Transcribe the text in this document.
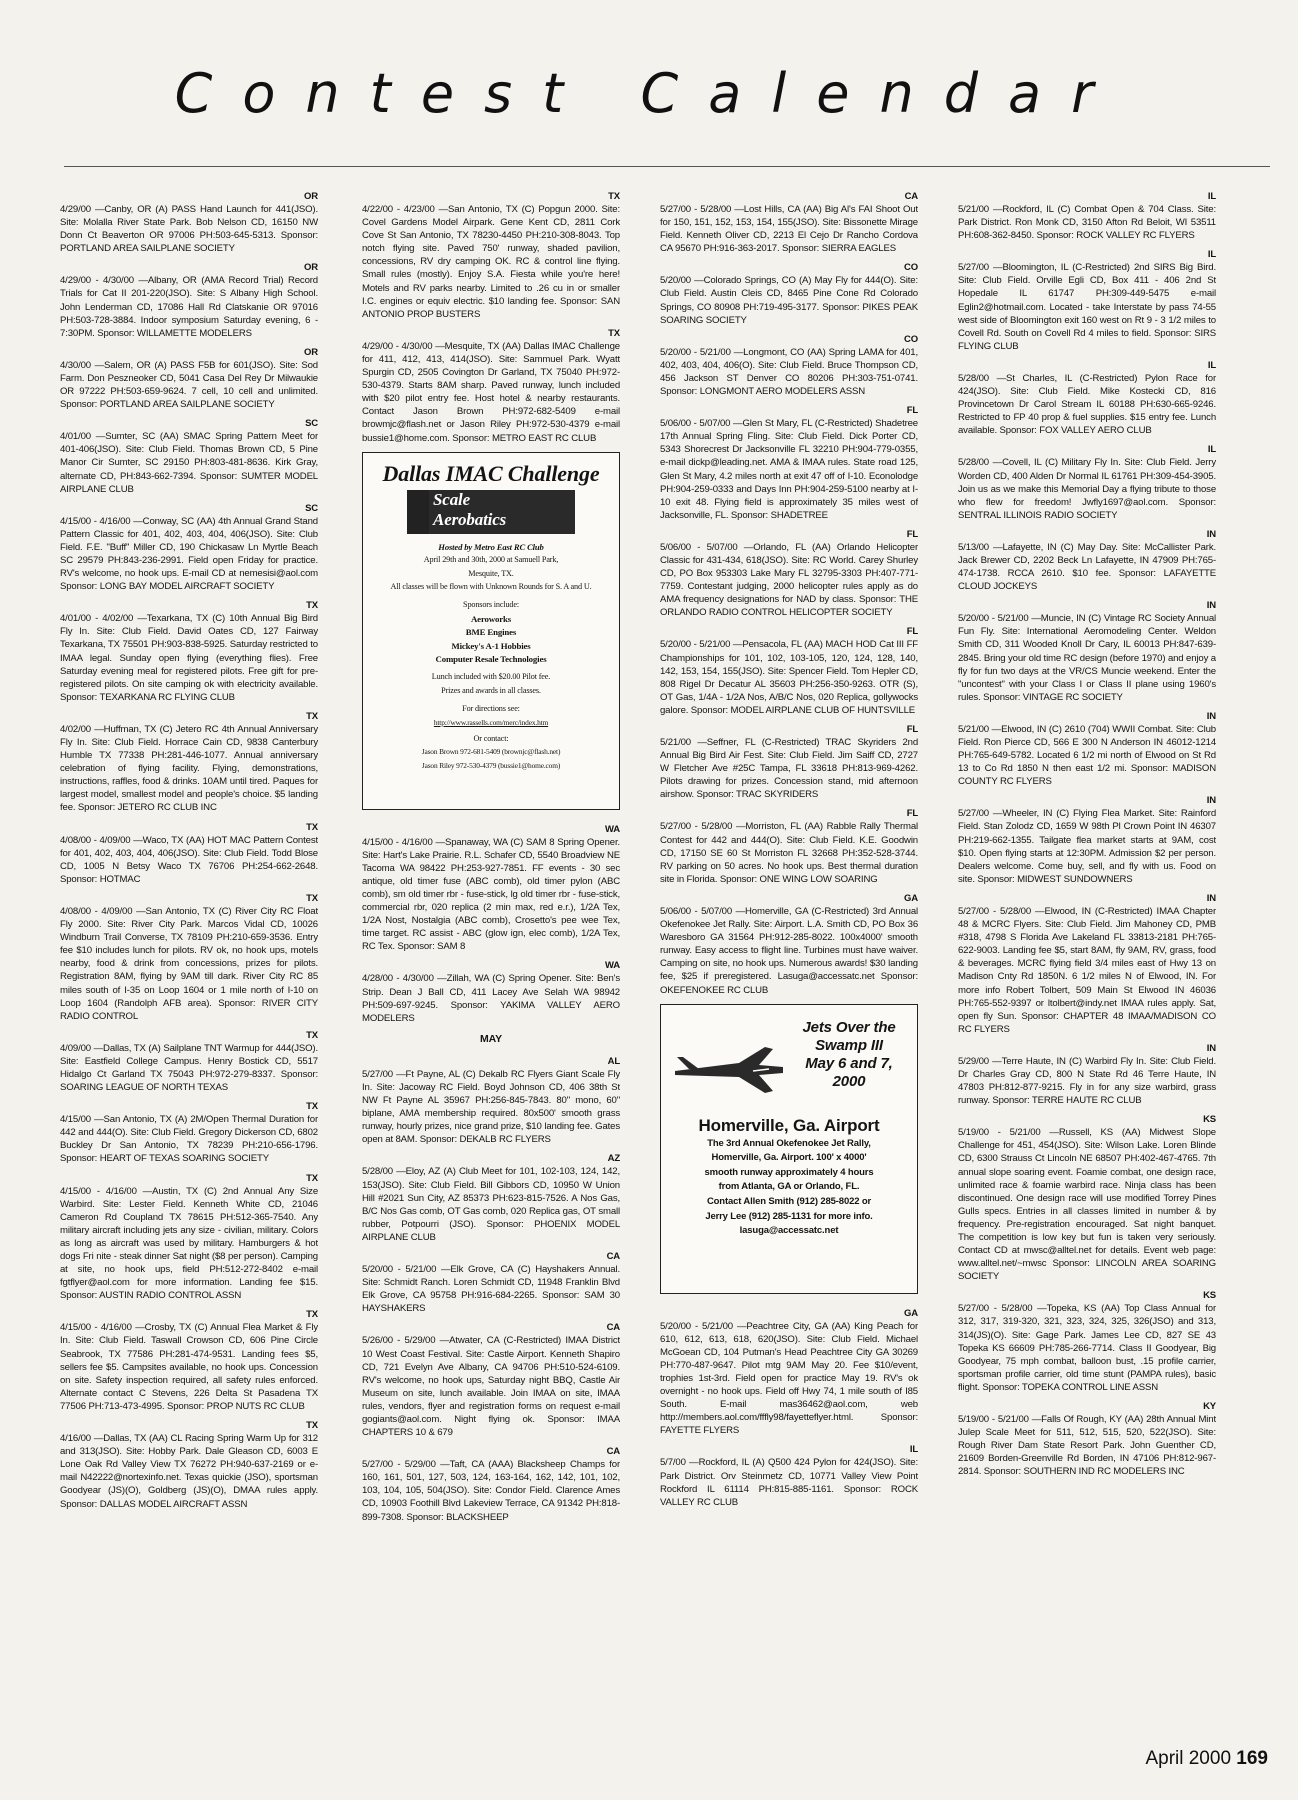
Contest Calendar
OR
4/29/00 —Canby, OR (A) PASS Hand Launch for 441(JSO). Site: Molalla River State Park. Bob Nelson CD, 16150 NW Donn Ct Beaverton OR 97006 PH:503-645-5313. Sponsor: PORTLAND AREA SAILPLANE SOCIETY
OR
4/29/00 - 4/30/00 —Albany, OR (AMA Record Trial) Record Trials for Cat II 201-220(JSO). Site: S Albany High School. John Lenderman CD, 17086 Hall Rd Clatskanie OR 97016 PH:503-728-3884. Indoor symposium Saturday evening, 6 - 7:30PM. Sponsor: WILLAMETTE MODELERS
OR
4/30/00 —Salem, OR (A) PASS F5B for 601(JSO). Site: Sod Farm. Don Peszneoker CD, 5041 Casa Del Rey Dr Milwaukie OR 97222 PH:503-659-9624. 7 cell, 10 cell and unlimited. Sponsor: PORTLAND AREA SAILPLANE SOCIETY
SC
4/01/00 —Sumter, SC (AA) SMAC Spring Pattern Meet for 401-406(JSO). Site: Club Field. Thomas Brown CD, 5 Pine Manor Cir Sumter, SC 29150 PH:803-481-8636. Kirk Gray, alternate CD, PH:843-662-7394. Sponsor: SUMTER MODEL AIRPLANE CLUB
SC
4/15/00 - 4/16/00 —Conway, SC (AA) 4th Annual Grand Stand Pattern Classic for 401, 402, 403, 404, 406(JSO). Site: Club Field. F.E. "Buff" Miller CD, 190 Chickasaw Ln Myrtle Beach SC 29579 PH:843-236-2991. Field open Friday for practice. RV's welcome, no hook ups. E-mail CD at nemesisi@aol.com Sponsor: LONG BAY MODEL AIRCRAFT SOCIETY
TX
4/01/00 - 4/02/00 —Texarkana, TX (C) 10th Annual Big Bird Fly In. Site: Club Field. David Oates CD, 127 Fairway Texarkana, TX 75501 PH:903-838-5925. Saturday restricted to IMAA legal. Sunday open flying (everything flies). Free Saturday evening meal for registered pilots. Free gift for pre-registered pilots. On site camping ok with electricity available. Sponsor: TEXARKANA RC FLYING CLUB
TX
4/02/00 —Huffman, TX (C) Jetero RC 4th Annual Anniversary Fly In. Site: Club Field. Horrace Cain CD, 9838 Canterbury Humble TX 77338 PH:281-446-1077. Annual anniversary celebration of flying facility. Flying, demonstrations, instructions, raffles, food & drinks. 10AM until tired. Paques for largest model, smallest model and people's choice. $5 landing fee. Sponsor: JETERO RC CLUB INC
TX
4/08/00 - 4/09/00 —Waco, TX (AA) HOT MAC Pattern Contest for 401, 402, 403, 404, 406(JSO). Site: Club Field. Todd Blose CD, 1005 N Betsy Waco TX 76706 PH:254-662-2648. Sponsor: HOTMAC
TX
4/08/00 - 4/09/00 —San Antonio, TX (C) River City RC Float Fly 2000. Site: River City Park. Marcos Vidal CD, 10026 Windburn Trail Converse, TX 78109 PH:210-659-3536. Entry fee $10 includes lunch for pilots. RV ok, no hook ups, motels nearby, food & drink from concessions, prizes for pilots. Registration 8AM, flying by 9AM till dark. River City RC 85 miles south of I-35 on Loop 1604 or 1 mile north of I-10 on Loop 1604 (Randolph AFB area). Sponsor: RIVER CITY RADIO CONTROL
TX
4/09/00 —Dallas, TX (A) Sailplane TNT Warmup for 444(JSO). Site: Eastfield College Campus. Henry Bostick CD, 5517 Hidalgo Ct Garland TX 75043 PH:972-279-8337. Sponsor: SOARING LEAGUE OF NORTH TEXAS
TX
4/15/00 —San Antonio, TX (A) 2M/Open Thermal Duration for 442 and 444(O). Site: Club Field. Gregory Dickerson CD, 6802 Buckley Dr San Antonio, TX 78239 PH:210-656-1796. Sponsor: HEART OF TEXAS SOARING SOCIETY
TX
4/15/00 - 4/16/00 —Austin, TX (C) 2nd Annual Any Size Warbird. Site: Lester Field. Kenneth White CD, 21046 Cameron Rd Coupland TX 78615 PH:512-365-7540. Any military aircraft including jets any size - civilian, military. Colors as long as aircraft was used by military. Hamburgers & hot dogs Fri nite - steak dinner Sat night ($8 per person). Camping at site, no hook ups, field PH:512-272-8402 e-mail fgtflyer@aol.com for more information. Landing fee $15. Sponsor: AUSTIN RADIO CONTROL ASSN
TX
4/15/00 - 4/16/00 —Crosby, TX (C) Annual Flea Market & Fly In. Site: Club Field. Taswall Crowson CD, 606 Pine Circle Seabrook, TX 77586 PH:281-474-9531. Landing fees $5, sellers fee $5. Campsites available, no hook ups. Concession on site. Safety inspection required, all safety rules enforced. Alternate contact C Stevens, 226 Delta St Pasadena TX 77506 PH:713-473-4995. Sponsor: PROP NUTS RC CLUB
TX
4/16/00 —Dallas, TX (AA) CL Racing Spring Warm Up for 312 and 313(JSO). Site: Hobby Park. Dale Gleason CD, 6003 E Lone Oak Rd Valley View TX 76272 PH:940-637-2169 or e-mail N42222@nortexinfo.net. Texas quickie (JSO), sportsman Goodyear (JS)(O), Goldberg (JS)(O), DMAA rules apply. Sponsor: DALLAS MODEL AIRCRAFT ASSN
TX
4/22/00 - 4/23/00 —San Antonio, TX (C) Popgun 2000. Site: Covel Gardens Model Airpark. Gene Kent CD, 2811 Cork Cove St San Antonio, TX 78230-4450 PH:210-308-8043. Top notch flying site. Paved 750' runway, shaded pavilion, concessions, RV dry camping OK. RC & control line flying. Small rules (mostly). Enjoy S.A. Fiesta while you're here! Motels and RV parks nearby. Limited to .26 cu in or smaller I.C. engines or equiv electric. $10 landing fee. Sponsor: SAN ANTONIO PROP BUSTERS
TX
4/29/00 - 4/30/00 —Mesquite, TX (AA) Dallas IMAC Challenge for 411, 412, 413, 414(JSO). Site: Sammuel Park. Wyatt Spurgin CD, 2505 Covington Dr Garland, TX 75040 PH:972-530-4379. Starts 8AM sharp. Paved runway, lunch included with $20 pilot entry fee. Host hotel & nearby restaurants. Contact Jason Brown PH:972-682-5409 e-mail browmjc@flash.net or Jason Riley PH:972-530-4379 e-mail bussie1@home.com. Sponsor: METRO EAST RC CLUB
Dallas IMAC Challenge
Scale
Aerobatics

Hosted by Metro East RC Club

April 29th and 30th, 2000 at Samuell Park,

Mesquite, TX.

All classes will be flown with Unknown Rounds for S. A and U.

Sponsors include:

Aeroworks

BME Engines

Mickey's A-1 Hobbies

Computer Resale Technologies

Lunch included with $20.00 Pilot fee.

Prizes and awards in all classes.

For directions see:

http://www.rassells.com/merc/index.htm

Or contact:

Jason Brown 972-681-5409 (brownjc@flash.net)

Jason Riley 972-530-4379 (bussie1@home.com)

WA
4/15/00 - 4/16/00 —Spanaway, WA (C) SAM 8 Spring Opener. Site: Hart's Lake Prairie. R.L. Schafer CD, 5540 Broadview NE Tacoma WA 98422 PH:253-927-7851. FF events - 30 sec antique, old timer fuse (ABC comb), old timer pylon (ABC comb), sm old timer rbr - fuse-stick, lg old timer rbr - fuse-stick, commercial rbr, 020 replica (2 min max, red e.r.), 1/2A Tex, 1/2A Nost, Nostalgia (ABC comb), Crosetto's pee wee Tex, time target. RC assist - ABC (glow ign, elec comb), 1/2A Tex, RC Tex. Sponsor: SAM 8
WA
4/28/00 - 4/30/00 —Zillah, WA (C) Spring Opener. Site: Ben's Strip. Dean J Ball CD, 411 Lacey Ave Selah WA 98942 PH:509-697-9245. Sponsor: YAKIMA VALLEY AERO MODELERS
MAY
AL
5/27/00 —Ft Payne, AL (C) Dekalb RC Flyers Giant Scale Fly In. Site: Jacoway RC Field. Boyd Johnson CD, 406 38th St NW Ft Payne AL 35967 PH:256-845-7843. 80" mono, 60" biplane, AMA membership required. 80x500' smooth grass runway, hourly prizes, nice grand prize, $10 landing fee. Gates open at 8AM. Sponsor: DEKALB RC FLYERS
AZ
5/28/00 —Eloy, AZ (A) Club Meet for 101, 102-103, 124, 142, 153(JSO). Site: Club Field. Bill Gibbors CD, 10950 W Union Hill #2021 Sun City, AZ 85373 PH:623-815-7526. A Nos Gas, B/C Nos Gas comb, OT Gas comb, 020 Replica gas, OT small rubber, Potpourri (JSO). Sponsor: PHOENIX MODEL AIRPLANE CLUB
CA
5/20/00 - 5/21/00 —Elk Grove, CA (C) Hayshakers Annual. Site: Schmidt Ranch. Loren Schmidt CD, 11948 Franklin Blvd Elk Grove, CA 95758 PH:916-684-2265. Sponsor: SAM 30 HAYSHAKERS
CA
5/26/00 - 5/29/00 —Atwater, CA (C-Restricted) IMAA District 10 West Coast Festival. Site: Castle Airport. Kenneth Shapiro CD, 721 Evelyn Ave Albany, CA 94706 PH:510-524-6109. RV's welcome, no hook ups, Saturday night BBQ, Castle Air Museum on site, lunch available. Join IMAA on site, IMAA rules, vendors, flyer and registration forms on request e-mail gogiants@aol.com. Night flying ok. Sponsor: IMAA CHAPTERS 10 & 679
CA
5/27/00 - 5/29/00 —Taft, CA (AAA) Blacksheep Champs for 160, 161, 501, 127, 503, 124, 163-164, 162, 142, 101, 102, 103, 104, 105, 504(JSO). Site: Condor Field. Clarence Ames CD, 10903 Foothill Blvd Lakeview Terrace, CA 91342 PH:818-899-7308. Sponsor: BLACKSHEEP
CA
5/27/00 - 5/28/00 —Lost Hills, CA (AA) Big Al's FAI Shoot Out for 150, 151, 152, 153, 154, 155(JSO). Site: Bissonette Mirage Field. Kenneth Oliver CD, 2213 El Cejo Dr Rancho Cordova CA 95670 PH:916-363-2017. Sponsor: SIERRA EAGLES
CO
5/20/00 —Colorado Springs, CO (A) May Fly for 444(O). Site: Club Field. Austin Cleis CD, 8465 Pine Cone Rd Colorado Springs, CO 80908 PH:719-495-3177. Sponsor: PIKES PEAK SOARING SOCIETY
CO
5/20/00 - 5/21/00 —Longmont, CO (AA) Spring LAMA for 401, 402, 403, 404, 406(O). Site: Club Field. Bruce Thompson CD, 456 Jackson ST Denver CO 80206 PH:303-751-0741. Sponsor: LONGMONT AERO MODELERS ASSN
FL
5/06/00 - 5/07/00 —Glen St Mary, FL (C-Restricted) Shadetree 17th Annual Spring Fling. Site: Club Field. Dick Porter CD, 5343 Shorecrest Dr Jacksonville FL 32210 PH:904-779-0355, e-mail dickp@leading.net. AMA & IMAA rules. State road 125, Glen St Mary, 4.2 miles north at exit 47 off of I-10. Econolodge PH:904-259-0333 and Days Inn PH:904-259-5100 nearby at I-10 exit 48. Flying field is approximately 35 miles west of Jacksonville, FL. Sponsor: SHADETREE
FL
5/06/00 - 5/07/00 —Orlando, FL (AA) Orlando Helicopter Classic for 431-434, 618(JSO). Site: RC World. Carey Shurley CD, PO Box 953303 Lake Mary FL 32795-3303 PH:407-771-7759. Contestant judging, 2000 helicopter rules apply as do AMA frequency designations for NAD by class. Sponsor: THE ORLANDO RADIO CONTROL HELICOPTER SOCIETY
FL
5/20/00 - 5/21/00 —Pensacola, FL (AA) MACH HOD Cat III FF Championships for 101, 102, 103-105, 120, 124, 128, 140, 142, 153, 154, 155(JSO). Site: Spencer Field. Tom Hepler CD, 808 Rigel Dr Decatur AL 35603 PH:256-350-9263. OTR (S), OT Gas, 1/4A - 1/2A Nos, A/B/C Nos, 020 Replica, gollywocks galore. Sponsor: MODEL AIRPLANE CLUB OF HUNTSVILLE
FL
5/21/00 —Seffner, FL (C-Restricted) TRAC Skyriders 2nd Annual Big Bird Air Fest. Site: Club Field. Jim Saiff CD, 2727 W Fletcher Ave #25C Tampa, FL 33618 PH:813-969-4262. Pilots drawing for prizes. Concession stand, mid afternoon airshow. Sponsor: TRAC SKYRIDERS
FL
5/27/00 - 5/28/00 —Morriston, FL (AA) Rabble Rally Thermal Contest for 442 and 444(O). Site: Club Field. K.E. Goodwin CD, 17150 SE 60 St Morriston FL 32668 PH:352-528-3744. RV parking on 50 acres. No hook ups. Best thermal duration site in Florida. Sponsor: ONE WING LOW SOARING
GA
5/06/00 - 5/07/00 —Homerville, GA (C-Restricted) 3rd Annual Okefenokee Jet Rally. Site: Airport. L.A. Smith CD, PO Box 36 Waresboro GA 31564 PH:912-285-8022. 100x4000' smooth runway. Easy access to flight line. Turbines must have waiver. Camping on site, no hook ups. Numerous awards! $30 landing fee, $25 if preregistered. Lasuga@accessatc.net Sponsor: OKEFENOKEE RC CLUB
Jets Over the
Swamp III
May 6 and 7,
2000
Homerville, Ga. Airport

The 3rd Annual Okefenokee Jet Rally,

Homerville, Ga. Airport. 100' x 4000'

smooth runway approximately 4 hours

from Atlanta, GA or Orlando, FL.

Contact Allen Smith (912) 285-8022 or

Jerry Lee (912) 285-1131 for more info.

lasuga@accessatc.net

GA
5/20/00 - 5/21/00 —Peachtree City, GA (AA) King Peach for 610, 612, 613, 618, 620(JSO). Site: Club Field. Michael McGoean CD, 104 Putman's Head Peachtree City GA 30269 PH:770-487-9647. Pilot mtg 9AM May 20. Fee $10/event, trophies 1st-3rd. Field open for practice May 19. RV's ok overnight - no hook ups. Field off Hwy 74, 1 mile south of I85 South. E-mail mas36462@aol.com, web http://members.aol.com/fffly98/fayetteflyer.html. Sponsor: FAYETTE FLYERS
IL
5/7/00 —Rockford, IL (A) Q500 424 Pylon for 424(JSO). Site: Park District. Orv Steinmetz CD, 10771 Valley View Point Rockford IL 61114 PH:815-885-1161. Sponsor: ROCK VALLEY RC CLUB
IL
5/21/00 —Rockford, IL (C) Combat Open & 704 Class. Site: Park District. Ron Monk CD, 3150 Afton Rd Beloit, WI 53511 PH:608-362-8450. Sponsor: ROCK VALLEY RC FLYERS
IL
5/27/00 —Bloomington, IL (C-Restricted) 2nd SIRS Big Bird. Site: Club Field. Orville Egli CD, Box 411 - 406 2nd St Hopedale IL 61747 PH:309-449-5475 e-mail Eglin2@hotmail.com. Located - take Interstate by pass 74-55 west side of Bloomington exit 160 west on Rt 9 - 3 1/2 miles to Covell Rd. South on Covell Rd 4 miles to field. Sponsor: SIRS FLYING CLUB
IL
5/28/00 —St Charles, IL (C-Restricted) Pylon Race for 424(JSO). Site: Club Field. Mike Kostecki CD, 816 Provincetown Dr Carol Stream IL 60188 PH:630-665-9246. Restricted to FP 40 prop & fuel supplies. $15 entry fee. Lunch available. Sponsor: FOX VALLEY AERO CLUB
IL
5/28/00 —Covell, IL (C) Military Fly In. Site: Club Field. Jerry Worden CD, 400 Alden Dr Normal IL 61761 PH:309-454-3905. Join us as we make this Memorial Day a flying tribute to those who flew for freedom! Jwfly1697@aol.com. Sponsor: SENTRAL ILLINOIS RADIO SOCIETY
IN
5/13/00 —Lafayette, IN (C) May Day. Site: McCallister Park. Jack Brewer CD, 2202 Beck Ln Lafayette, IN 47909 PH:765-474-1738. RCCA 2610. $10 fee. Sponsor: LAFAYETTE CLOUD JOCKEYS
IN
5/20/00 - 5/21/00 —Muncie, IN (C) Vintage RC Society Annual Fun Fly. Site: International Aeromodeling Center. Weldon Smith CD, 311 Wooded Knoll Dr Cary, IL 60013 PH:847-639-2845. Bring your old time RC design (before 1970) and enjoy a fly for fun two days at the VR/CS Muncie weekend. Enter the "uncontest" with your Class I or Class II plane using 1960's rules. Sponsor: VINTAGE RC SOCIETY
IN
5/21/00 —Elwood, IN (C) 2610 (704) WWII Combat. Site: Club Field. Ron Pierce CD, 566 E 300 N Anderson IN 46012-1214 PH:765-649-5782. Located 6 1/2 mi north of Elwood on St Rd 13 to Co Rd 1850 N then east 1/2 mi. Sponsor: MADISON COUNTY RC FLYERS
IN
5/27/00 —Wheeler, IN (C) Flying Flea Market. Site: Rainford Field. Stan Zolodz CD, 1659 W 98th Pl Crown Point IN 46307 PH:219-662-1355. Tailgate flea market starts at 9AM, cost $10. Open flying starts at 12:30PM. Admission $2 per person. Dealers welcome. Come buy, sell, and fly with us. Food on site. Sponsor: MIDWEST SUNDOWNERS
IN
5/27/00 - 5/28/00 —Elwood, IN (C-Restricted) IMAA Chapter 48 & MCRC Flyers. Site: Club Field. Jim Mahoney CD, PMB #318, 4798 S Florida Ave Lakeland FL 33813-2181 PH:765-622-9003. Landing fee $5, start 8AM, fly 9AM, RV, grass, food & beverages. MCRC flying field 3/4 miles east of Hwy 13 on Madison Cnty Rd 1850N. 6 1/2 miles N of Elwood, IN. For more info Robert Tolbert, 509 Main St Elwood IN 46036 PH:765-552-9397 or ltolbert@indy.net IMAA rules apply. Sat, open fly Sun. Sponsor: CHAPTER 48 IMAA/MADISON CO RC FLYERS
IN
5/29/00 —Terre Haute, IN (C) Warbird Fly In. Site: Club Field. Dr Charles Gray CD, 800 N State Rd 46 Terre Haute, IN 47803 PH:812-877-9215. Fly in for any size warbird, grass runway. Sponsor: TERRE HAUTE RC CLUB
KS
5/19/00 - 5/21/00 —Russell, KS (AA) Midwest Slope Challenge for 451, 454(JSO). Site: Wilson Lake. Loren Blinde CD, 6300 Strauss Ct Lincoln NE 68507 PH:402-467-4765. 7th annual slope soaring event. Foamie combat, one design race, unlimited race & foamie warbird race. Ninja class has been discontinued. One design race will use modified Torrey Pines Gulls specs. Entries in all classes limited in number & by frequency. Pre-registration encouraged. Sat night banquet. The competition is low key but fun is taken very seriously. Contact CD at mwsc@alltel.net for details. Event web page: www.alltel.net/~mwsc Sponsor: LINCOLN AREA SOARING SOCIETY
KS
5/27/00 - 5/28/00 —Topeka, KS (AA) Top Class Annual for 312, 317, 319-320, 321, 323, 324, 325, 326(JSO) and 313, 314(JS)(O). Site: Gage Park. James Lee CD, 827 SE 43 Topeka KS 66609 PH:785-266-7714. Class II Goodyear, Big Goodyear, 75 mph combat, balloon bust, .15 profile carrier, sportsman profile carrier, old time stunt (PAMPA rules), basic flight. Sponsor: TOPEKA CONTROL LINE ASSN
KY
5/19/00 - 5/21/00 —Falls Of Rough, KY (AA) 28th Annual Mint Julep Scale Meet for 511, 512, 515, 520, 522(JSO). Site: Rough River Dam State Resort Park. John Guenther CD, 21609 Borden-Greenville Rd Borden, IN 47106 PH:812-967-2814. Sponsor: SOUTHERN IND RC MODELERS INC
April 2000 169
